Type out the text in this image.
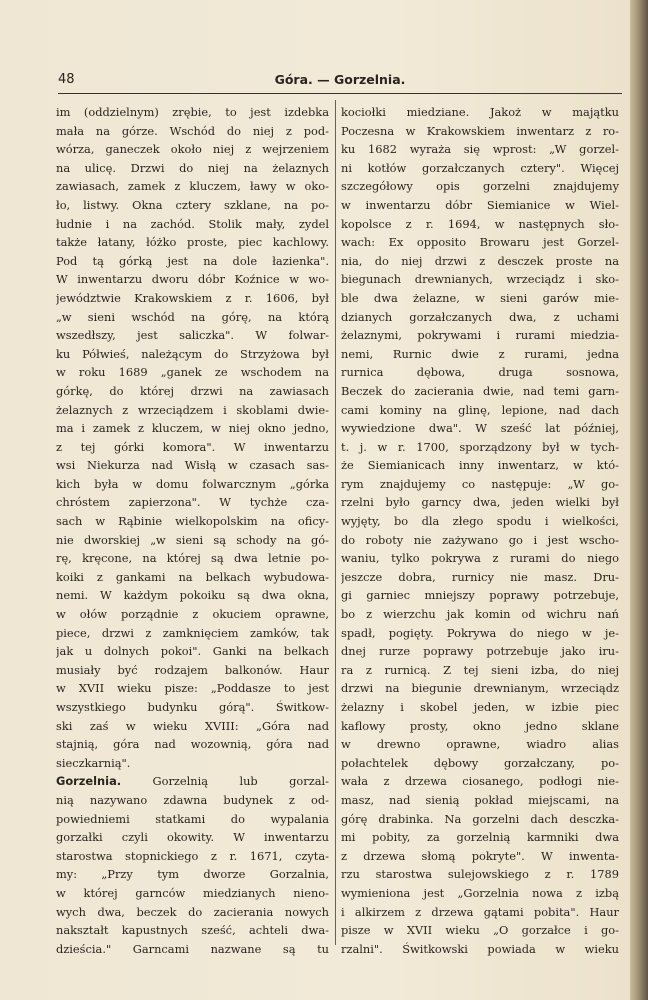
48	Góra. — Gorzelnia.
im (oddzielnym) zrębie, to jest izdebka
mała na górze. Wschód do niej z pod-
wórza, ganeczek około niej z wejrzeniem
na ulicę. Drzwi do niej na żelaznych
zawiasach, zamek z kluczem, ławy w oko-
ło, listwy. Okna cztery szklane, na po-
łudnie i na zachód. Stolik mały, zydel
także łatany, łóżko proste, piec kachlowy.
Pod tą górką jest na dole łazienka".
W inwentarzu dworu dóbr Koźnice w wo-
jewództwie Krakowskiem z r. 1606, był
„w sieni wschód na górę, na którą
wszedłszy, jest saliczka". W folwar-
ku Półwieś, należącym do Strzyżowa był
w roku 1689 „ganek ze wschodem na
górkę, do której drzwi na zawiasach
żelaznych z wrzeciądzem i skoblami dwie-
ma i zamek z kluczem, w niej okno jedno,
z tej górki komora". W inwentarzu
wsi Niekurza nad Wisłą w czasach sas-
kich była w domu folwarcznym „górka
chróstem zapierzona". W tychże cza-
sach w Rąbinie wielkopolskim na oficy-
nie dworskiej „w sieni są schody na gó-
rę, kręcone, na której są dwa letnie po-
koiki z gankami na belkach wybudowa-
nemi. W każdym pokoiku są dwa okna,
w ołów porządnie z okuciem oprawne,
piece, drzwi z zamknięciem zamków, tak
jak u dolnych pokoi". Ganki na belkach
musiały być rodzajem balkonów. Haur
w XVII wieku pisze: „Poddasze to jest
wszystkiego budynku górą". Świtkow-
ski zaś w wieku XVIII: „Góra nad
stajnią, góra nad wozownią, góra nad
sieczkarnią".
Gorzelnia.	Gorzelnią lub gorzal-
nią nazywano zdawna budynek z od-
powiedniemi statkami do wypalania
gorzałki czyli okowity. W inwentarzu
starostwa stopnickiego z r. 1671, czyta-
my: „Przy tym dworze Gorzalnia,
w której garnców miedzianych nieno-
wych dwa, beczek do zacierania nowych
nakształt kapustnych sześć, achteli dwa-
dzieścia." Garncami nazwane są tu
kociołki miedziane. Jakoż w majątku
Poczesna w Krakowskiem inwentarz z ro-
ku 1682 wyraża się wprost: „W gorzel-
ni kotłów gorzałczanych cztery". Więcej
szczegółowy opis gorzelni znajdujemy
w inwentarzu dóbr Siemianice w Wiel-
kopolsce z r. 1694, w następnych sło-
wach: Ex opposito Browaru jest Gorzel-
nia, do niej drzwi z desczek proste na
biegunach drewnianych, wrzeciądz i sko-
ble dwa żelazne, w sieni garów mie-
dzianych gorzałczanych dwa, z uchami
żelaznymi, pokrywami i rurami miedzia-
nemi, Rurnic dwie z rurami, jedna
rurnica dębowa, druga sosnowa,
Beczek do zacierania dwie, nad temi garn-
cami kominy na glinę, lepione, nad dach
wywiedzione dwa". W sześć lat później,
t. j. w r. 1700, sporządzony był w tych-
że Siemianicach inny inwentarz, w któ-
rym znajdujemy co następuje: „W go-
rzelni było garncy dwa, jeden wielki był
wyjęty, bo dla złego spodu i wielkości,
do roboty nie zażywano go i jest wscho-
waniu, tylko pokrywa z rurami do niego
jeszcze dobra, rurnicy nie masz. Dru-
gi garniec mniejszy poprawy potrzebuje,
bo z wierzchu jak komin od wichru nań
spadł, pogięty. Pokrywa do niego w je-
dnej rurze poprawy potrzebuje jako iru-
ra z rurnicą. Z tej sieni izba, do niej
drzwi na biegunie drewnianym, wrzeciądz
żelazny i skobel jeden, w izbie piec
kaflowy prosty, okno jedno sklane
w drewno oprawne, wiadro alias
połachtelek dębowy gorzałczany, po-
wała z drzewa ciosanego, podłogi nie-
masz, nad sienią pokład miejscami, na
górę drabinka. Na gorzelni dach desczka-
mi pobity, za gorzelnią karmniki dwa
z drzewa słomą pokryte". W inwenta-
rzu starostwa sulejowskiego z r. 1789
wymieniona jest „Gorzelnia nowa z izbą
i alkirzem z drzewa gątami pobita". Haur
pisze w XVII wieku „O gorzałce i go-
rzalni". Świtkowski powiada w wieku
